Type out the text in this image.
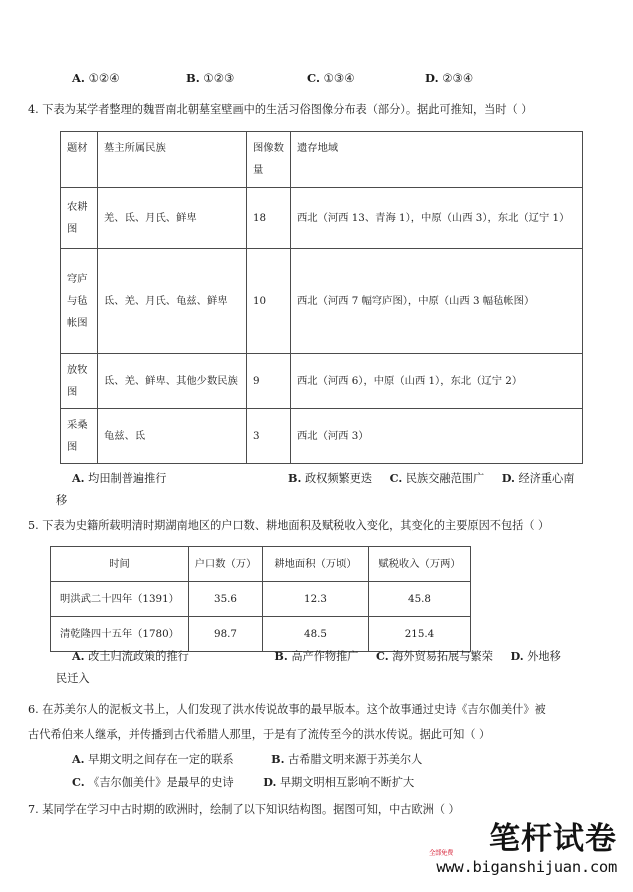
A. ①②④	B. ①②③	C. ①③④	D. ②③④
4. 下表为某学者整理的魏晋南北朝墓室壁画中的生活习俗图像分布表（部分）。据此可推知，当时（ ）
题材	墓主所属民族	图像数量	遗存地域
农耕图	羌、氐、月氏、鲜卑	18	西北（河西 13、青海 1），中原（山西 3），东北（辽宁 1）
穹庐与毡帐图	氐、羌、月氏、龟兹、鲜卑	10	西北（河西 7 幅穹庐图），中原（山西 3 幅毡帐图）
放牧图	氐、羌、鲜卑、其他少数民族	9	西北（河西 6），中原（山西 1），东北（辽宁 2）
采桑图	龟兹、氐	3	西北（河西 3）
A. 均田制普遍推行	B. 政权频繁更迭 C. 民族交融范围广 D. 经济重心南
移
5. 下表为史籍所载明清时期湖南地区的户口数、耕地面积及赋税收入变化，其变化的主要原因不包括（ ）
时间	户口数（万）	耕地面积（万顷）	赋税收入（万两）
明洪武二十四年（1391）	35.6	12.3	45.8
清乾隆四十五年（1780）	98.7	48.5	215.4
A. 改土归流政策的推行	B. 高产作物推广 C. 海外贸易拓展与繁荣 D. 外地移
民迁入
6. 在苏美尔人的泥板文书上，人们发现了洪水传说故事的最早版本。这个故事通过史诗《吉尔伽美什》被
古代希伯来人继承，并传播到古代希腊人那里，于是有了流传至今的洪水传说。据此可知（ ）
A. 早期文明之间存在一定的联系	B. 古希腊文明来源于苏美尔人
C. 《吉尔伽美什》是最早的史诗	D. 早期文明相互影响不断扩大
7. 某同学在学习中古时期的欧洲时，绘制了以下知识结构图。据图可知，中古欧洲（ ）
笔杆试卷
全部免费
www.biganshijuan.com
